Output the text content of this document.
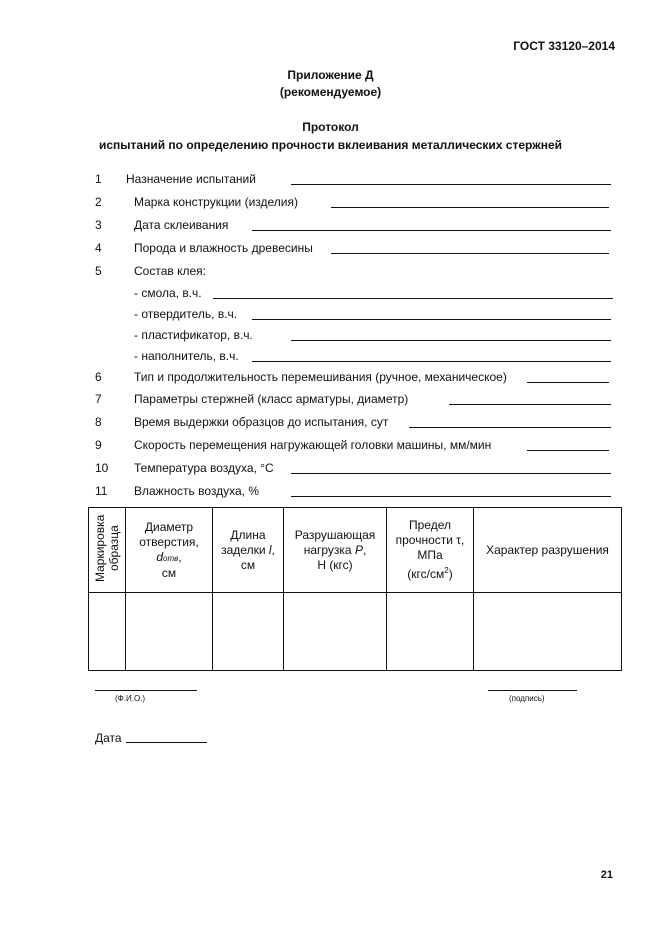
ГОСТ 33120–2014
Приложение Д
(рекомендуемое)
Протокол
испытаний по определению прочности вклеивания металлических стержней
1 Назначение испытаний
2	Марка конструкции (изделия)
3	Дата склеивания
4	Порода и влажность древесины
5	Состав клея:
- смола, в.ч.
- отвердитель, в.ч.
- пластификатор, в.ч.
- наполнитель, в.ч.
6	Тип и продолжительность перемешивания (ручное, механическое)
7	Параметры стержней (класс арматуры, диаметр)
8	Время выдержки образцов до испытания, сут
9	Скорость перемещения нагружающей головки машины, мм/мин
10 Температура воздуха, °С
11 Влажность воздуха, %
Маркировка образца	Диаметр отверстия,
dотв,
см	Длина заделки l,
см	Разрушающая нагрузка P,
Н (кгс)	Предел прочности τ,
МПа
$(кгс/см^2)$	Характер разрушения

(Ф.И.О.)	(подпись)
Дата
21
